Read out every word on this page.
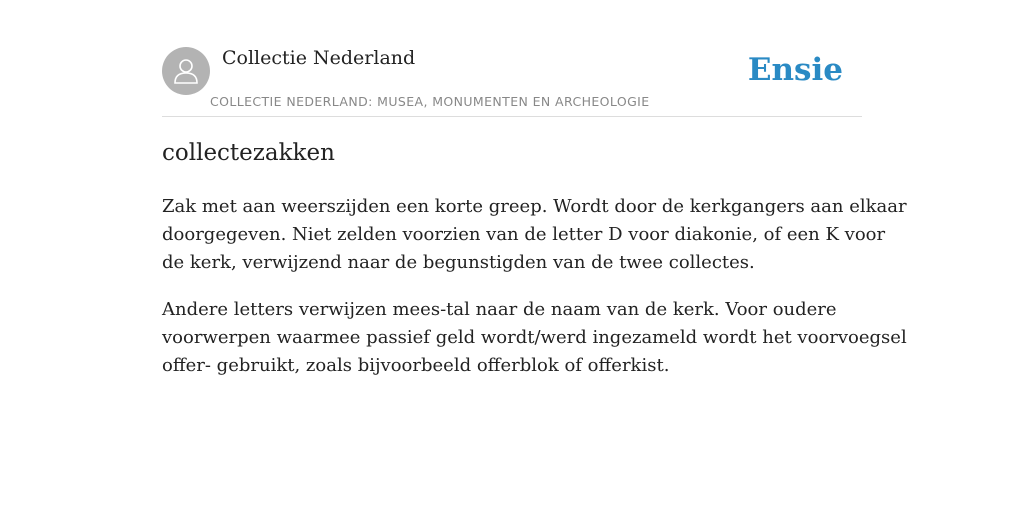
Collectie Nederland
COLLECTIE NEDERLAND: MUSEA, MONUMENTEN EN ARCHEOLOGIE
Ensie
collectezakken

Zak met aan weerszijden een korte greep. Wordt door de kerkgangers aan elkaar
doorgegeven. Niet zelden voorzien van de letter D voor diakonie, of een K voor
de kerk, verwijzend naar de begunstigden van de twee collectes.

Andere letters verwijzen mees-tal naar de naam van de kerk. Voor oudere
voorwerpen waarmee passief geld wordt/werd ingezameld wordt het voorvoegsel
offer- gebruikt, zoals bijvoorbeeld offerblok of offerkist.
